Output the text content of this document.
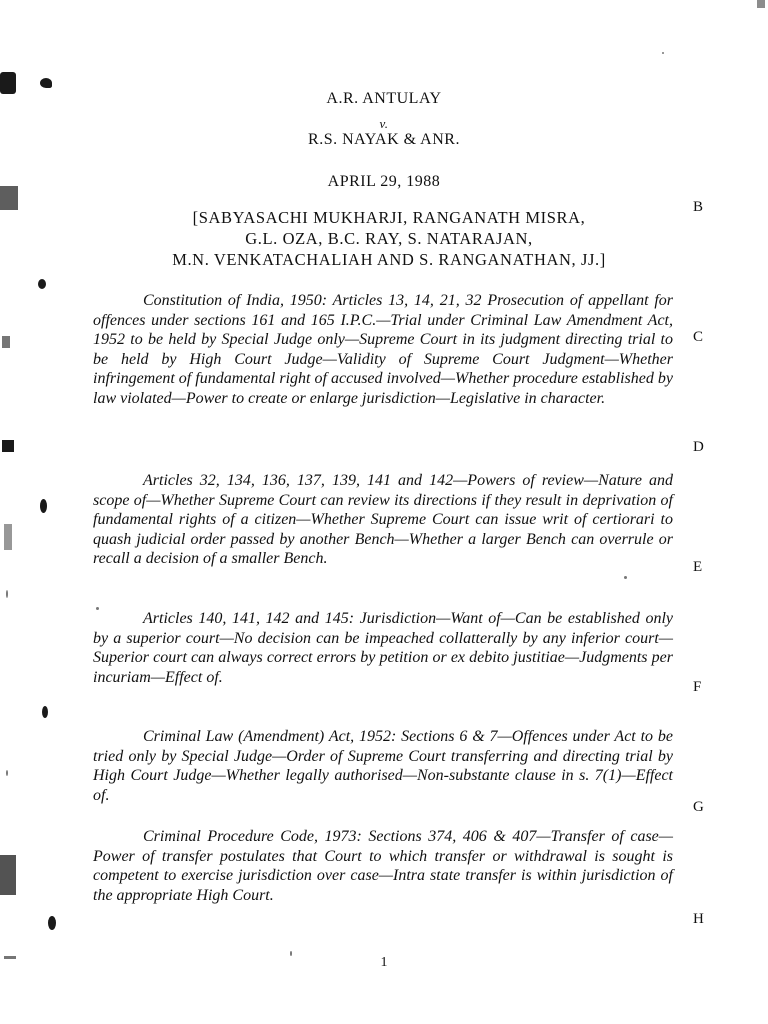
A.R. ANTULAY
v.
R.S. NAYAK & ANR.
APRIL 29, 1988
[SABYASACHI MUKHARJI, RANGANATH MISRA,
G.L. OZA, B.C. RAY, S. NATARAJAN,
M.N. VENKATACHALIAH AND S. RANGANATHAN, JJ.]

Constitution of India, 1950: Articles 13, 14, 21, 32 Prosecution of appellant for offences under sections 161 and 165 I.P.C.—Trial under Criminal Law Amendment Act, 1952 to be held by Special Judge only—Supreme Court in its judgment directing trial to be held by High Court Judge—Validity of Supreme Court Judgment—Whether infringement of fundamental right of accused involved—Whether procedure established by law violated—Power to create or enlarge jurisdiction—Legislative in character.

Articles 32, 134, 136, 137, 139, 141 and 142—Powers of review—Nature and scope of—Whether Supreme Court can review its directions if they result in deprivation of fundamental rights of a citizen—Whether Supreme Court can issue writ of certiorari to quash judicial order passed by another Bench—Whether a larger Bench can overrule or recall a decision of a smaller Bench.

Articles 140, 141, 142 and 145: Jurisdiction—Want of—Can be established only by a superior court—No decision can be impeached collatterally by any inferior court—Superior court can always correct errors by petition or ex debito justitiae—Judgments per incuriam—Effect of.

Criminal Law (Amendment) Act, 1952: Sections 6 & 7—Offences under Act to be tried only by Special Judge—Order of Supreme Court transferring and directing trial by High Court Judge—Whether legally authorised—Non-substante clause in s. 7(1)—Effect of.

Criminal Procedure Code, 1973: Sections 374, 406 & 407—Transfer of case—Power of transfer postulates that Court to which transfer or withdrawal is sought is competent to exercise jurisdiction over case—Intra state transfer is within jurisdiction of the appropriate High Court.

B
C
D
E
F
G
H
1
